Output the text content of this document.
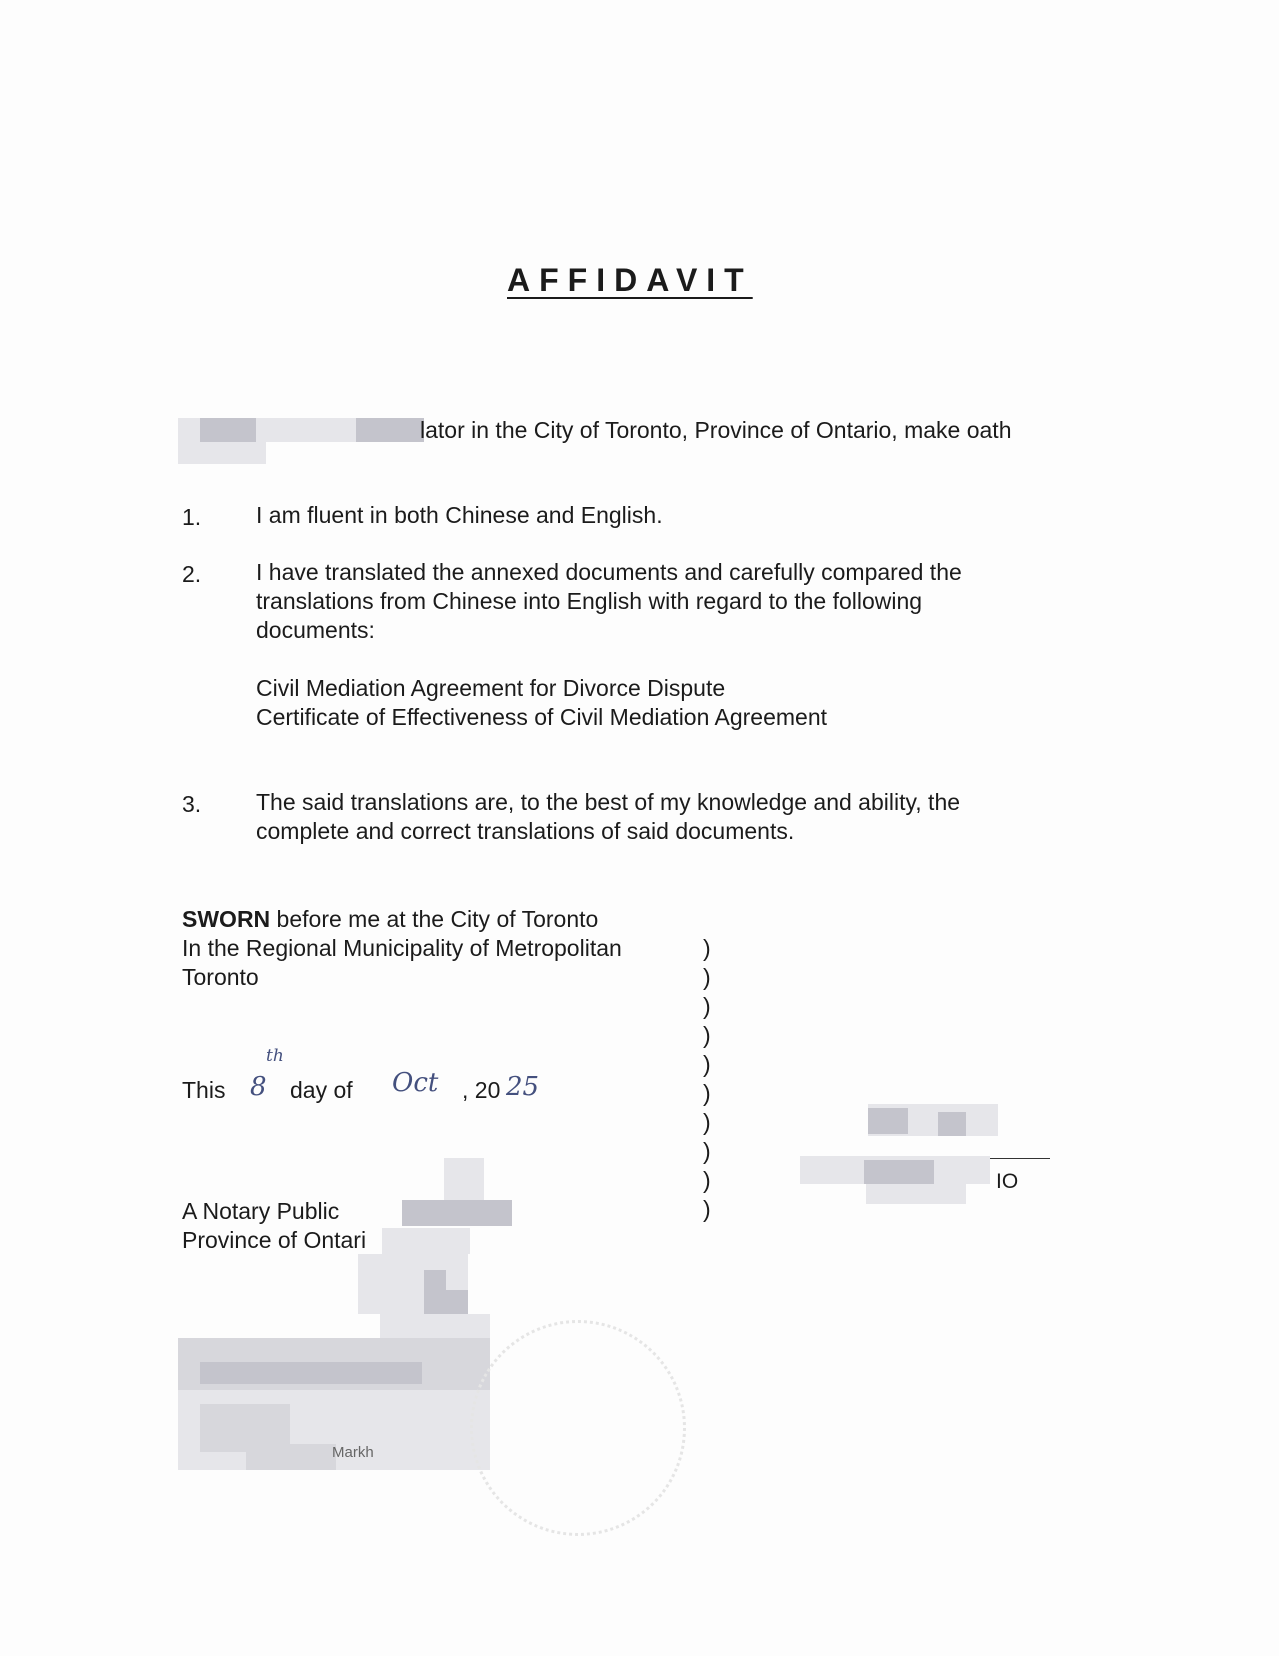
AFFIDAVIT
lator in the City of Toronto, Province of Ontario, make oath
1. I am fluent in both Chinese and English.
2. I have translated the annexed documents and carefully compared the
translations from Chinese into English with regard to the following
documents:
Civil Mediation Agreement for Divorce Dispute
Certificate of Effectiveness of Civil Mediation Agreement
3. The said translations are, to the best of my knowledge and ability, the
complete and correct translations of said documents.
SWORN before me at the City of Toronto
In the Regional Municipality of Metropolitan
Toronto
)
)
)
)
)
)
)
)
)
)
This 8
th
day of Oct , 20 25
IO
A Notary Public
Province of Ontari
Markh
